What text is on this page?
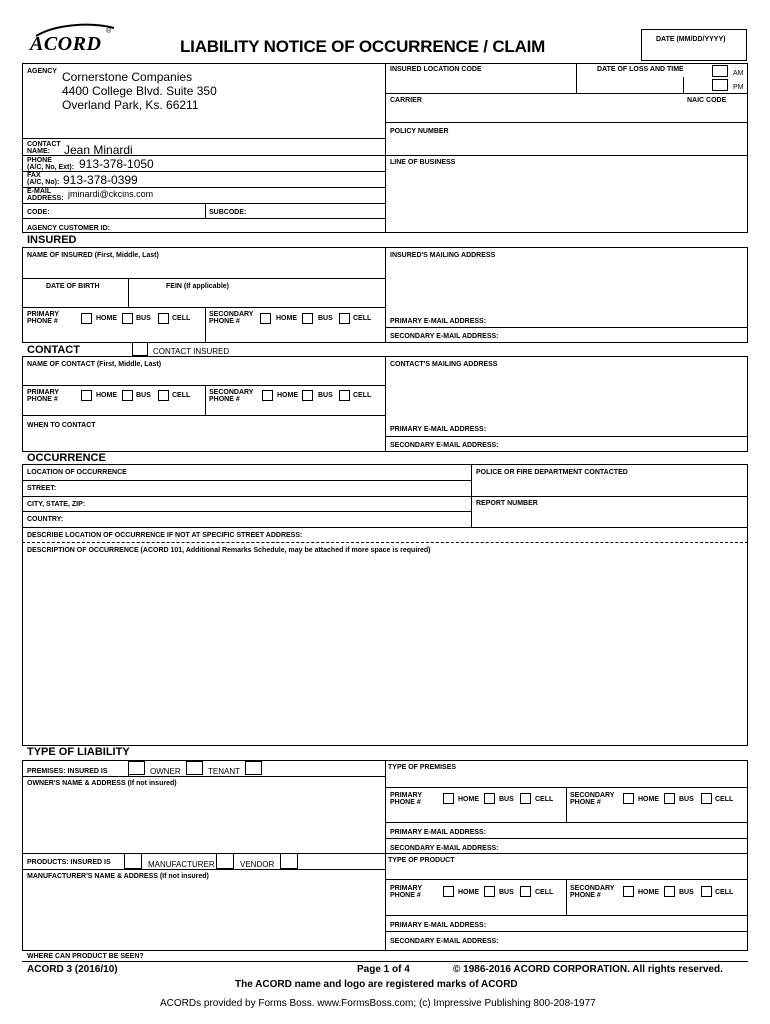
ACORD
®
LIABILITY NOTICE OF OCCURRENCE / CLAIM	DATE (MM/DD/YYYY)
AGENCY Cornerstone Companies
4400 College Blvd. Suite 350
Overland Park, Ks. 66211
CONTACT
NAME:	Jean Minardi
PHONE
(A/C, No, Ext): 913-378-1050
FAX
(A/C, No): 913-378-0399
E-MAIL
ADDRESS: jminardi@ckcins.com
CODE:	SUBCODE:
AGENCY CUSTOMER ID:
INSURED LOCATION CODE	DATE OF LOSS AND TIME
AM
PM
CARRIER	NAIC CODE
POLICY NUMBER
LINE OF BUSINESS
INSURED
NAME OF INSURED (First, Middle, Last)	INSURED'S MAILING ADDRESS
DATE OF BIRTH	FEIN (If applicable)
PRIMARY
PHONE #	HOME	BUS	CELL
SECONDARY
PHONE #	HOME	BUS	CELL	PRIMARY E-MAIL ADDRESS:
SECONDARY E-MAIL ADDRESS:
CONTACT	CONTACT INSURED
NAME OF CONTACT (First, Middle, Last)	CONTACT'S MAILING ADDRESS
PRIMARY
PHONE #
HOME	BUS	CELL	SECONDARY
PHONE #
HOME	BUS	CELL
WHEN TO CONTACT
PRIMARY E-MAIL ADDRESS:
SECONDARY E-MAIL ADDRESS:
OCCURRENCE
LOCATION OF OCCURRENCE	POLICE OR FIRE DEPARTMENT CONTACTED
STREET:
CITY, STATE, ZIP:	REPORT NUMBER
COUNTRY:
DESCRIBE LOCATION OF OCCURRENCE IF NOT AT SPECIFIC STREET ADDRESS:
DESCRIPTION OF OCCURRENCE (ACORD 101, Additional Remarks Schedule, may be attached if more space is required)
TYPE OF LIABILITY
PREMISES: INSURED IS	OWNER	TENANT
OWNER'S NAME & ADDRESS (If not insured)
TYPE OF PREMISES
PRIMARY
PHONE #	HOME	BUS	CELL
SECONDARY
PHONE #	HOME	BUS	CELL
PRIMARY E-MAIL ADDRESS:
SECONDARY E-MAIL ADDRESS:
PRODUCTS: INSURED IS	MANUFACTURER	VENDOR
MANUFACTURER'S NAME & ADDRESS (If not insured)
TYPE OF PRODUCT
PRIMARY
PHONE #	HOME	BUS	CELL
SECONDARY
PHONE #	HOME	BUS	CELL
PRIMARY E-MAIL ADDRESS:
SECONDARY E-MAIL ADDRESS:
WHERE CAN PRODUCT BE SEEN?
ACORD 3 (2016/10)	Page 1 of 4	© 1986-2016 ACORD CORPORATION. All rights reserved.
The ACORD name and logo are registered marks of ACORD
ACORDs provided by Forms Boss. www.FormsBoss.com; (c) Impressive Publishing 800-208-1977
